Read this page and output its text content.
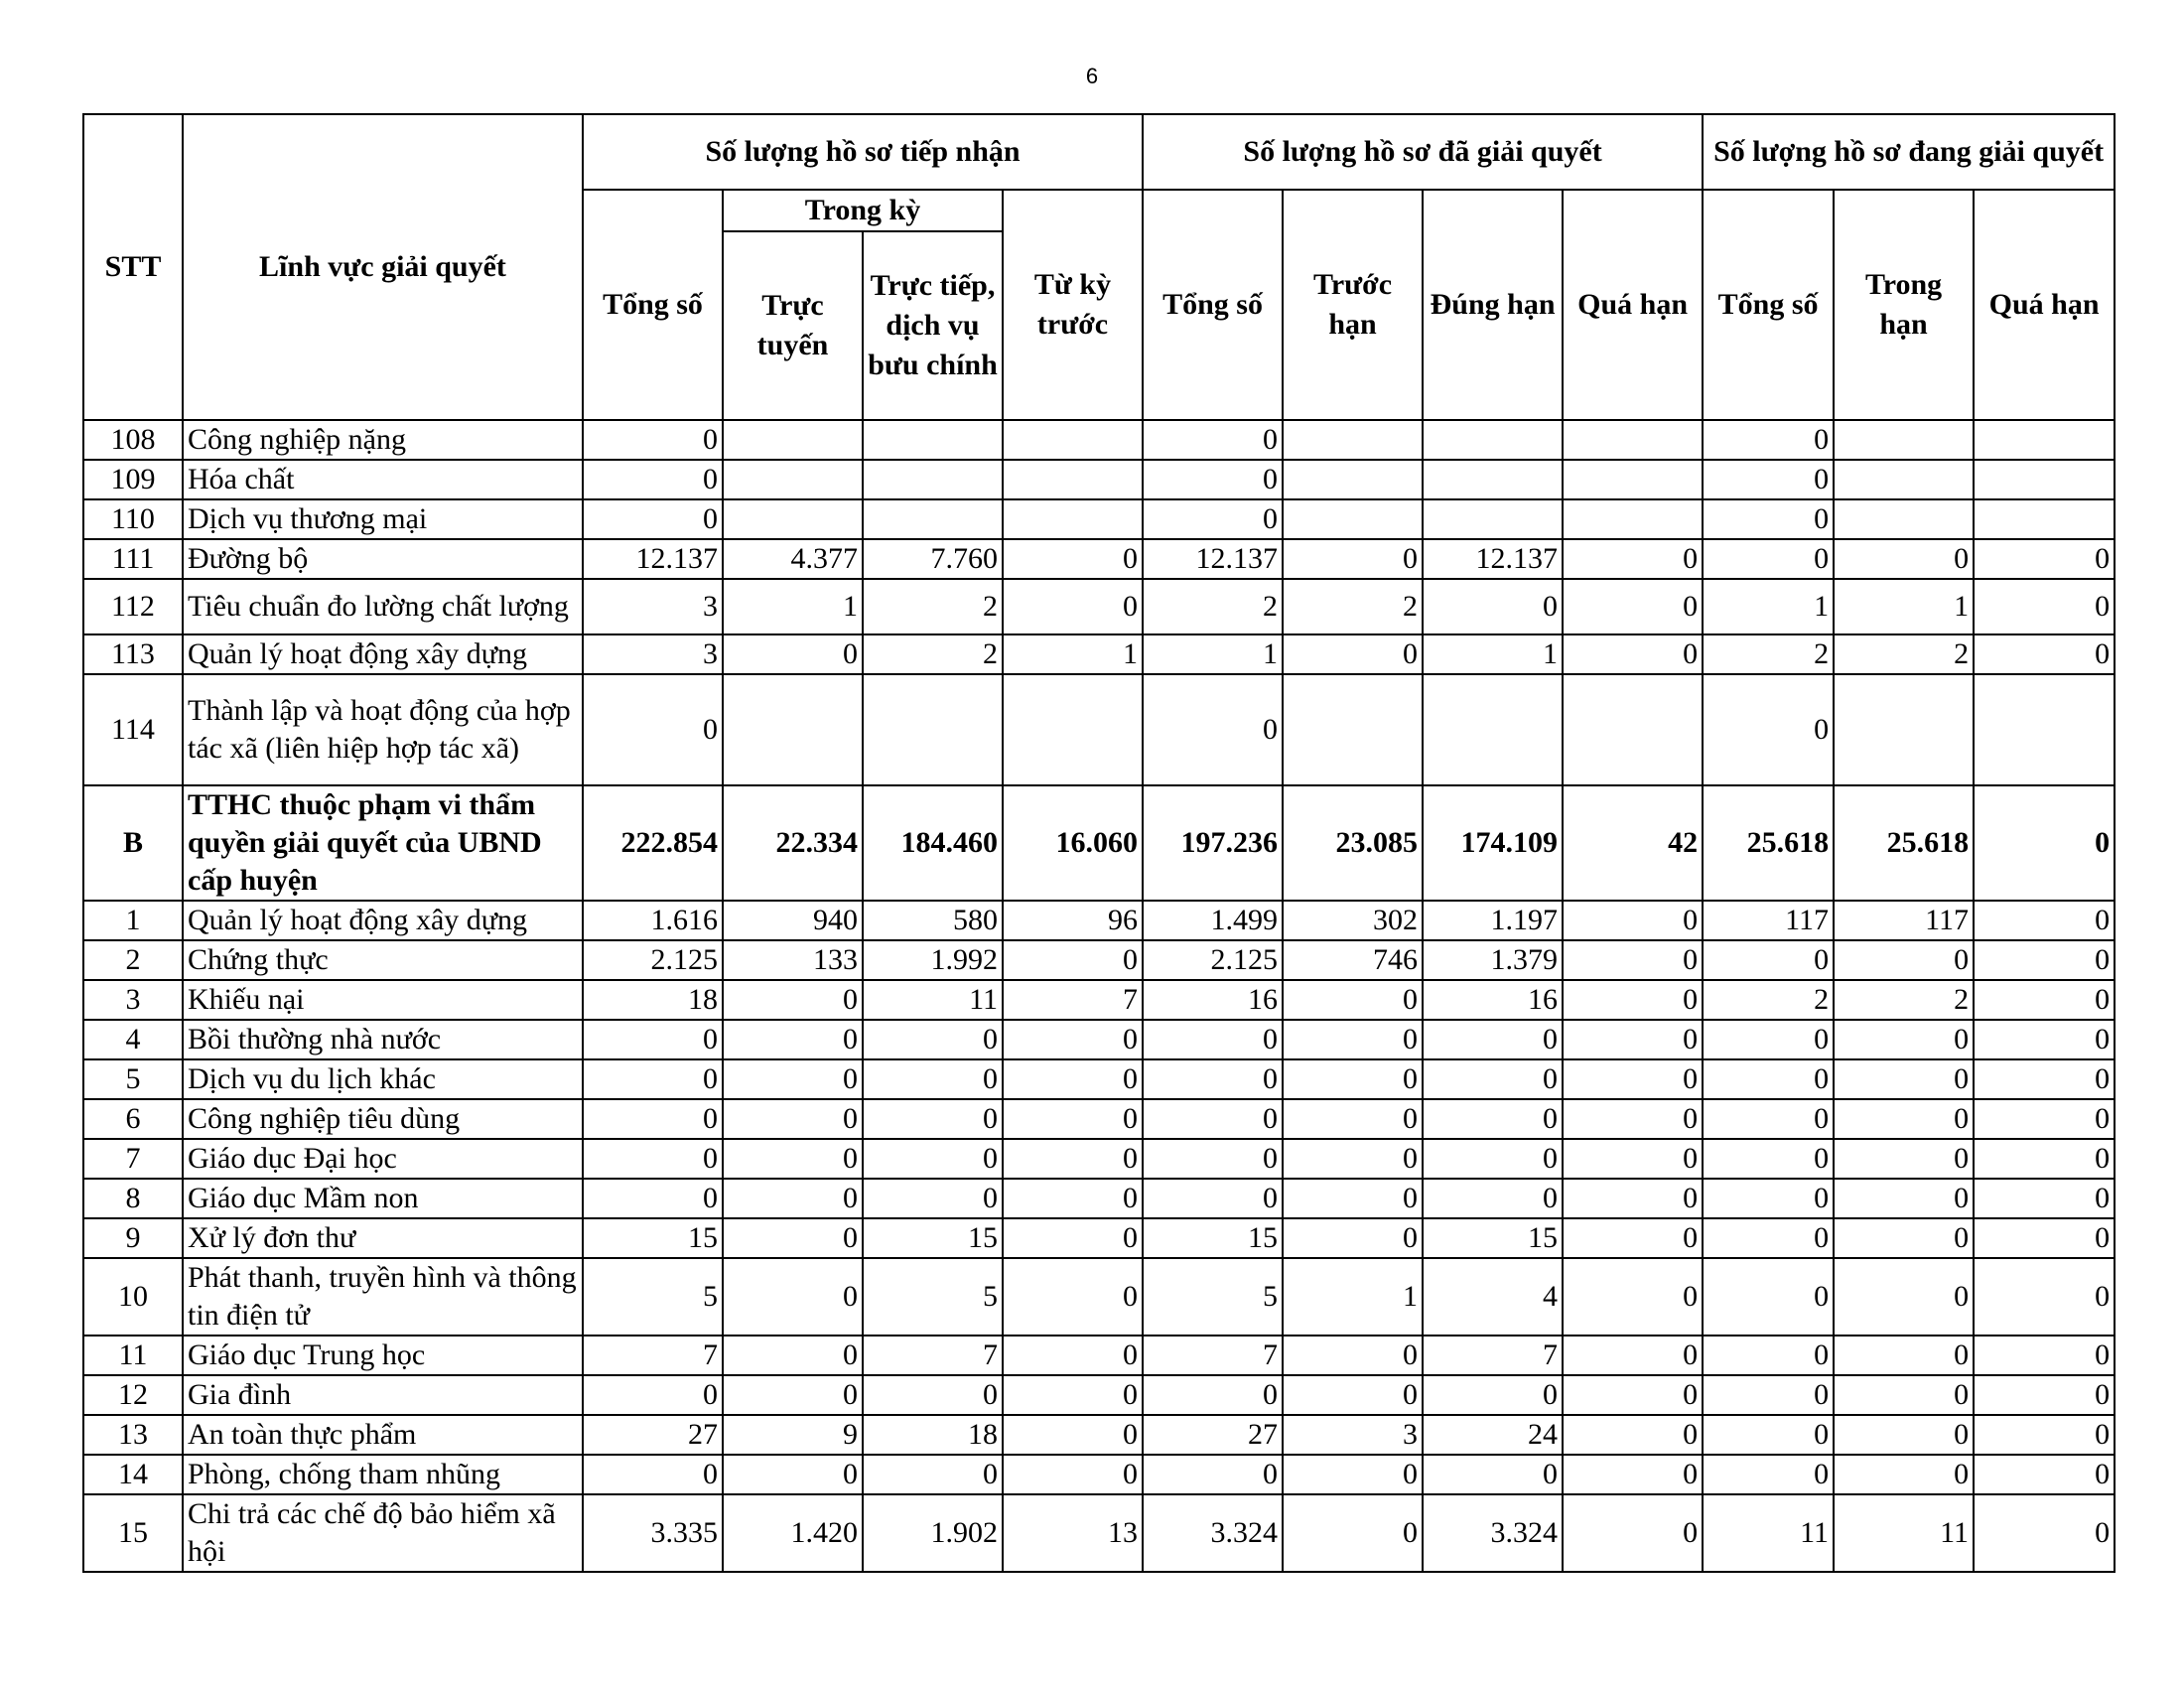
6
STT	Lĩnh vực giải quyết	Số lượng hồ sơ tiếp nhận				Số lượng hồ sơ đã giải quyết				Số lượng hồ sơ đang giải quyết		
		Tổng số	Trong kỳ		Từ kỳ trước	Tổng số	Trước hạn	Đúng hạn	Quá hạn	Tổng số	Trong hạn	Quá hạn
			Trực tuyến	Trực tiếp, dịch vụ bưu chính								
108	Công nghiệp nặng	0				0				0		
109	Hóa chất	0				0				0		
110	Dịch vụ thương mại	0				0				0		
111	Đường bộ	12.137	4.377	7.760	0	12.137	0	12.137	0	0	0	0
112	Tiêu chuẩn đo lường chất lượng	3	1	2	0	2	2	0	0	1	1	0
113	Quản lý hoạt động xây dựng	3	0	2	1	1	0	1	0	2	2	0
114	Thành lập và hoạt động của hợp tác xã (liên hiệp hợp tác xã)	0				0				0		
B	TTHC thuộc phạm vi thẩm quyền giải quyết của UBND cấp huyện	222.854	22.334	184.460	16.060	197.236	23.085	174.109	42	25.618	25.618	0
1	Quản lý hoạt động xây dựng	1.616	940	580	96	1.499	302	1.197	0	117	117	0
2	Chứng thực	2.125	133	1.992	0	2.125	746	1.379	0	0	0	0
3	Khiếu nại	18	0	11	7	16	0	16	0	2	2	0
4	Bồi thường nhà nước	0	0	0	0	0	0	0	0	0	0	0
5	Dịch vụ du lịch khác	0	0	0	0	0	0	0	0	0	0	0
6	Công nghiệp tiêu dùng	0	0	0	0	0	0	0	0	0	0	0
7	Giáo dục Đại học	0	0	0	0	0	0	0	0	0	0	0
8	Giáo dục Mầm non	0	0	0	0	0	0	0	0	0	0	0
9	Xử lý đơn thư	15	0	15	0	15	0	15	0	0	0	0
10	Phát thanh, truyền hình và thông tin điện tử	5	0	5	0	5	1	4	0	0	0	0
11	Giáo dục Trung học	7	0	7	0	7	0	7	0	0	0	0
12	Gia đình	0	0	0	0	0	0	0	0	0	0	0
13	An toàn thực phẩm	27	9	18	0	27	3	24	0	0	0	0
14	Phòng, chống tham nhũng	0	0	0	0	0	0	0	0	0	0	0
15	Chi trả các chế độ bảo hiểm xã hội	3.335	1.420	1.902	13	3.324	0	3.324	0	11	11	0
